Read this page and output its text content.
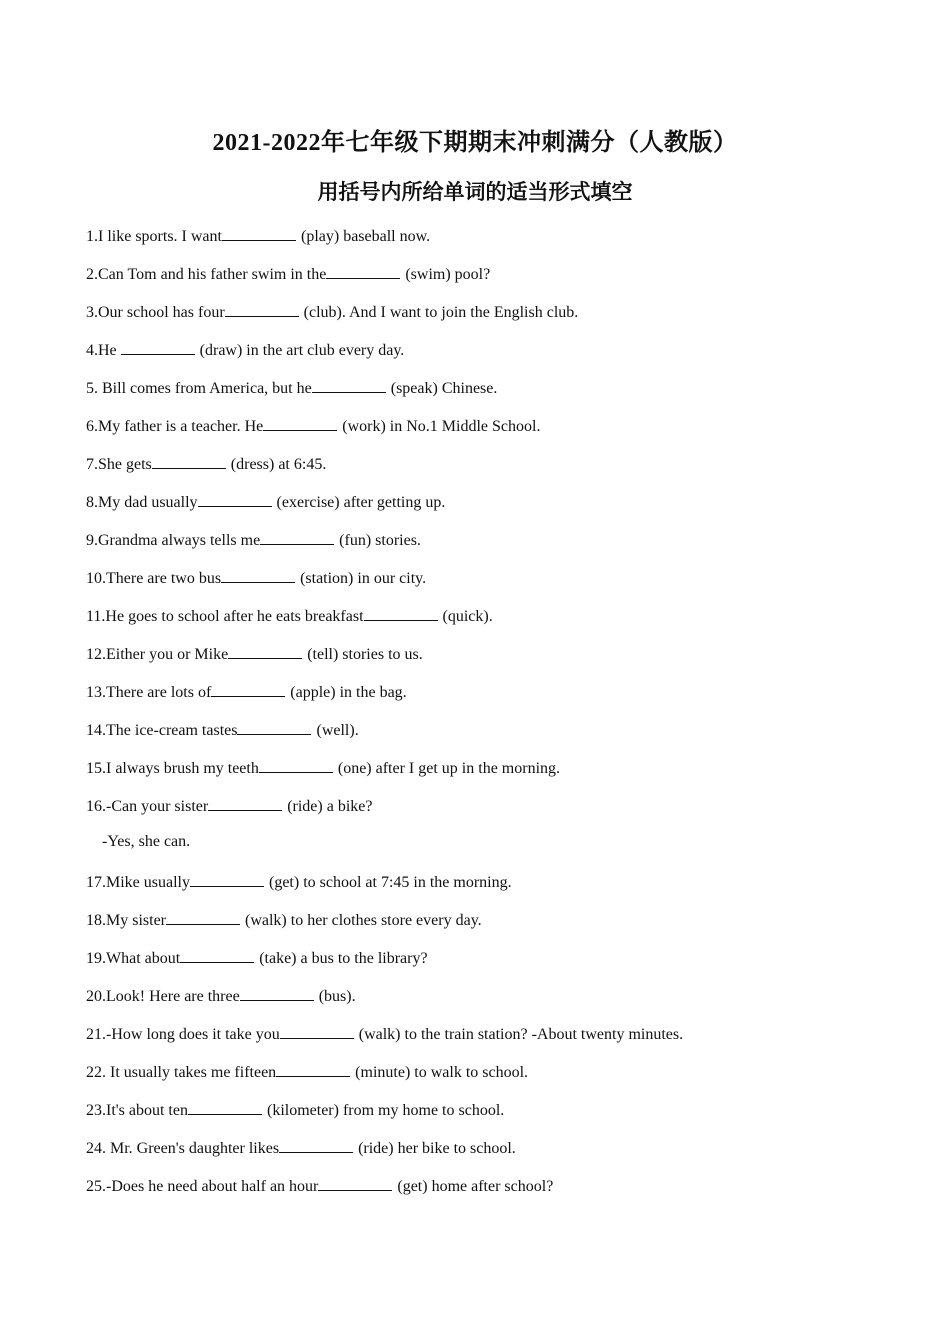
2021-2022年七年级下期期末冲刺满分（人教版）
用括号内所给单词的适当形式填空
1.I like sports. I want	(play) baseball now.
2.Can Tom and his father swim in the	(swim) pool?
3.Our school has four	(club). And I want to join the English club.
4.He	(draw) in the art club every day.
5. Bill comes from America, but he	(speak) Chinese.
6.My father is a teacher. He	(work) in No.1 Middle School.
7.She gets	(dress) at 6:45.
8.My dad usually	(exercise) after getting up.
9.Grandma always tells me	(fun) stories.
10.There are two bus	(station) in our city.
11.He goes to school after he eats breakfast	(quick).
12.Either you or Mike	(tell) stories to us.
13.There are lots of	(apple) in the bag.
14.The ice-cream tastes	(well).
15.I always brush my teeth	(one) after I get up in the morning.
16.-Can your sister	(ride) a bike?
-Yes, she can.
17.Mike usually	(get) to school at 7:45 in the morning.
18.My sister	(walk) to her clothes store every day.
19.What about	(take) a bus to the library?
20.Look! Here are three	(bus).
21.-How long does it take you	(walk) to the train station? -About twenty minutes.
22. It usually takes me fifteen	(minute) to walk to school.
23.It's about ten	(kilometer) from my home to school.
24. Mr. Green's daughter likes	(ride) her bike to school.
25.-Does he need about half an hour	(get) home after school?
